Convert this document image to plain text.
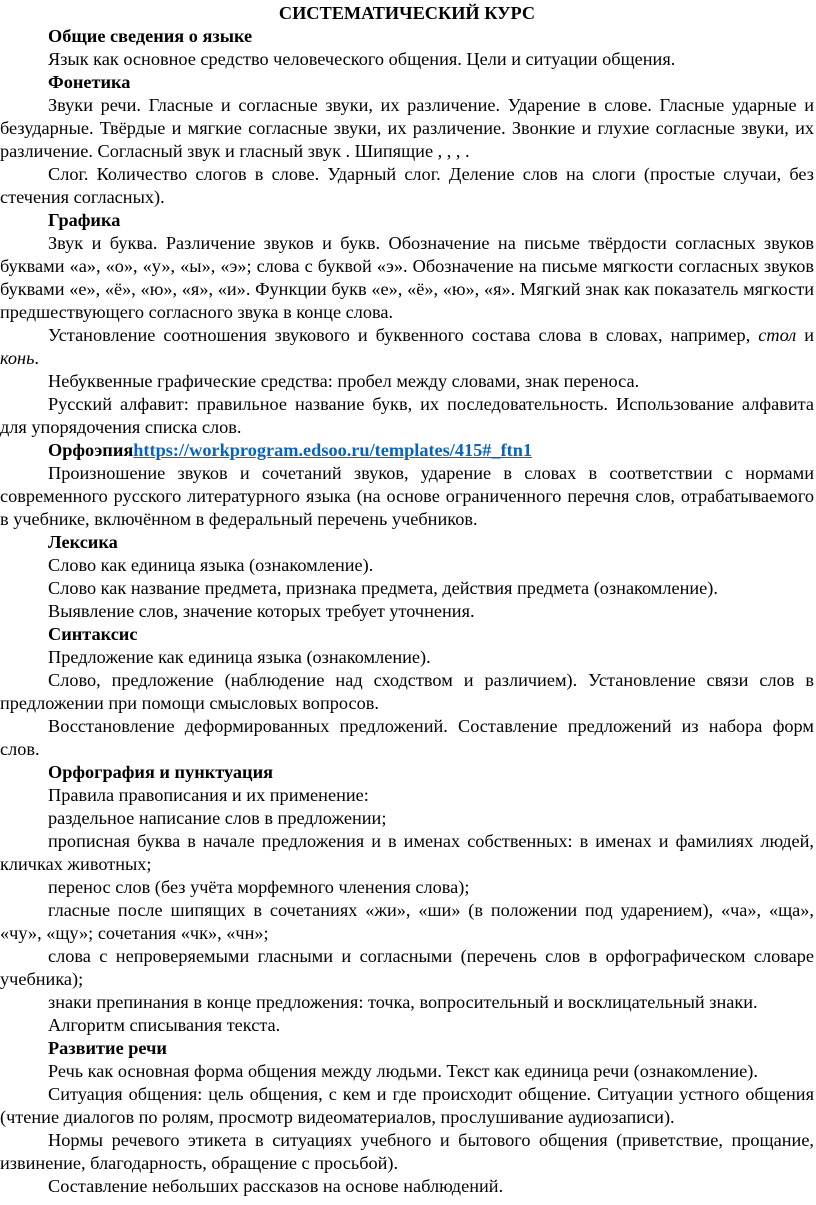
СИСТЕМАТИЧЕСКИЙ КУРС

Общие сведения о языке

Язык как основное средство человеческого общения. Цели и ситуации общения.

Фонетика

Звуки речи. Гласные и согласные звуки, их различение. Ударение в слове. Гласные ударные и безударные. Твёрдые и мягкие согласные звуки, их различение. Звонкие и глухие согласные звуки, их различение. Согласный звук и гласный звук . Шипящие , , , .

Слог. Количество слогов в слове. Ударный слог. Деление слов на слоги (простые случаи, без стечения согласных).

Графика

Звук и буква. Различение звуков и букв. Обозначение на письме твёрдости согласных звуков буквами «а», «о», «у», «ы», «э»; слова с буквой «э». Обозначение на письме мягкости согласных звуков буквами «е», «ё», «ю», «я», «и». Функции букв «е», «ё», «ю», «я». Мягкий знак как показатель мягкости предшествующего согласного звука в конце слова.

Установление соотношения звукового и буквенного состава слова в словах, например, стол и конь.

Небуквенные графические средства: пробел между словами, знак переноса.

Русский алфавит: правильное название букв, их последовательность. Использование алфавита для упорядочения списка слов.

Орфоэпияhttps://workprogram.edsoo.ru/templates/415#_ftn1

Произношение звуков и сочетаний звуков, ударение в словах в соответствии с нормами современного русского литературного языка (на основе ограниченного перечня слов, отрабатываемого в учебнике, включённом в федеральный перечень учебников.

Лексика

Слово как единица языка (ознакомление).

Слово как название предмета, признака предмета, действия предмета (ознакомление).

Выявление слов, значение которых требует уточнения.

Синтаксис

Предложение как единица языка (ознакомление).

Слово, предложение (наблюдение над сходством и различием). Установление связи слов в предложении при помощи смысловых вопросов.

Восстановление деформированных предложений. Составление предложений из набора форм слов.

Орфография и пунктуация

Правила правописания и их применение:

раздельное написание слов в предложении;

прописная буква в начале предложения и в именах собственных: в именах и фамилиях людей, кличках животных;

перенос слов (без учёта морфемного членения слова);

гласные после шипящих в сочетаниях «жи», «ши» (в положении под ударением), «ча», «ща», «чу», «щу»; сочетания «чк», «чн»;

слова с непроверяемыми гласными и согласными (перечень слов в орфографическом словаре учебника);

знаки препинания в конце предложения: точка, вопросительный и восклицательный знаки.

Алгоритм списывания текста.

Развитие речи

Речь как основная форма общения между людьми. Текст как единица речи (ознакомление).

Ситуация общения: цель общения, с кем и где происходит общение. Ситуации устного общения (чтение диалогов по ролям, просмотр видеоматериалов, прослушивание аудиозаписи).

Нормы речевого этикета в ситуациях учебного и бытового общения (приветствие, прощание, извинение, благодарность, обращение с просьбой).

Составление небольших рассказов на основе наблюдений.
